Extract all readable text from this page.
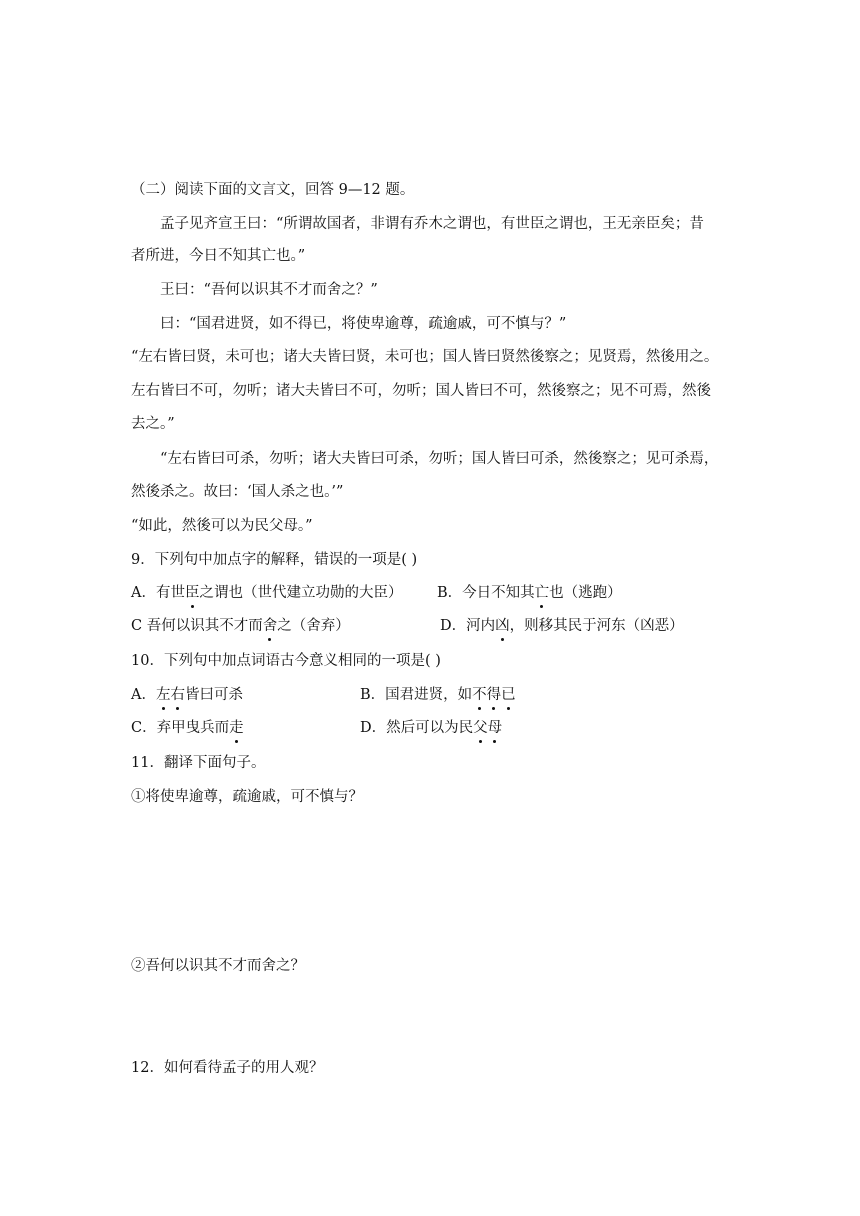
（二）阅读下面的文言文，回答 9—12 题。
孟子见齐宣王曰：“所谓故国者，非谓有乔木之谓也，有世臣之谓也，王无亲臣矣；昔
者所进，今日不知其亡也。”
王曰：“吾何以识其不才而舍之？”
曰：“国君进贤，如不得已，将使卑逾尊，疏逾戚，可不慎与？”
“左右皆曰贤，未可也；诸大夫皆曰贤，未可也；国人皆曰贤然後察之；见贤焉，然後用之。
左右皆曰不可，勿听；诸大夫皆曰不可，勿听；国人皆曰不可，然後察之；见不可焉，然後
去之。”
“左右皆曰可杀，勿听；诸大夫皆曰可杀，勿听；国人皆曰可杀，然後察之；见可杀焉，
然後杀之。故曰：‘国人杀之也。’”
“如此，然後可以为民父母。”
9．下列句中加点字的解释，错误的一项是( )
A．有世臣之谓也（世代建立功勋的大臣） B．今日不知其亡也（逃跑）
C 吾何以识其不才而舍之（舍弃）	D．河内凶，则移其民于河东（凶恶）
10．下列句中加点词语古今意义相同的一项是( )
A．左右皆曰可杀	B．国君进贤，如不得已
C．弃甲曳兵而走	D．然后可以为民父母
11．翻译下面句子。
①将使卑逾尊，疏逾戚，可不慎与？
②吾何以识其不才而舍之？
12．如何看待孟子的用人观？
